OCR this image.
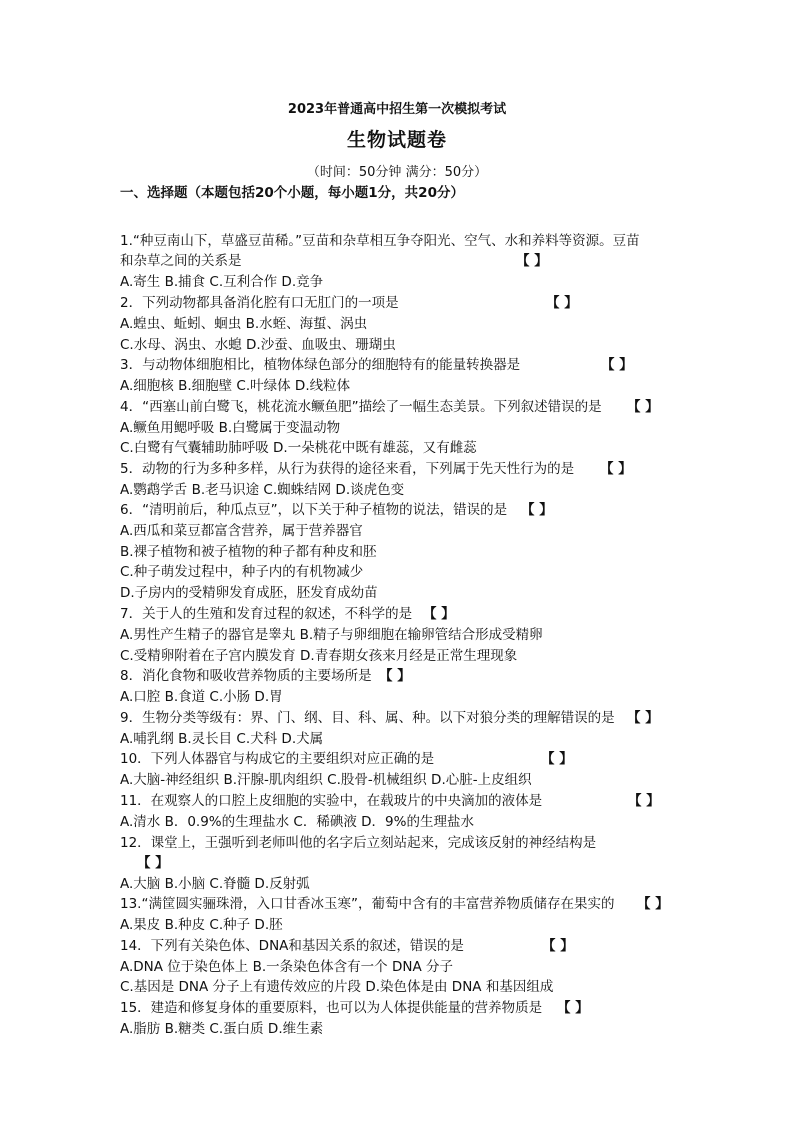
2023年普通高中招生第一次模拟考试
生物试题卷
（时间：50分钟 满分：50分）
一、选择题（本题包括20个小题，每小题1分，共20分）
1.“种豆南山下，草盛豆苗稀。”豆苗和杂草相互争夺阳光、空气、水和养料等资源。豆苗
和杂草之间的关系是	【 】
A.寄生 B.捕食 C.互利合作 D.竞争
2．下列动物都具备消化腔有口无肛门的一项是	【 】
A.蝗虫、蚯蚓、蛔虫 B.水蛭、海蜇、涡虫
C.水母、涡虫、水螅 D.沙蚕、血吸虫、珊瑚虫
3．与动物体细胞相比，植物体绿色部分的细胞特有的能量转换器是	【 】
A.细胞核 B.细胞壁 C.叶绿体 D.线粒体
4．“西塞山前白鹭飞，桃花流水鳜鱼肥”描绘了一幅生态美景。下列叙述错误的是 【 】
A.鳜鱼用鳃呼吸 B.白鹭属于变温动物
C.白鹭有气囊辅助肺呼吸 D.一朵桃花中既有雄蕊，又有雌蕊
5．动物的行为多种多样，从行为获得的途径来看，下列属于先天性行为的是 【 】
A.鹦鹉学舌 B.老马识途 C.蜘蛛结网 D.谈虎色变
6．“清明前后，种瓜点豆”，以下关于种子植物的说法，错误的是 【 】
A.西瓜和菜豆都富含营养，属于营养器官
B.裸子植物和被子植物的种子都有种皮和胚
C.种子萌发过程中，种子内的有机物减少
D.子房内的受精卵发育成胚，胚发育成幼苗
7．关于人的生殖和发育过程的叙述，不科学的是 【 】
A.男性产生精子的器官是睾丸 B.精子与卵细胞在输卵管结合形成受精卵
C.受精卵附着在子宫内膜发育 D.青春期女孩来月经是正常生理现象
8．消化食物和吸收营养物质的主要场所是 【 】
A.口腔 B.食道 C.小肠 D.胃
9．生物分类等级有：界、门、纲、目、科、属、种。以下对狼分类的理解错误的是 【 】
A.哺乳纲 B.灵长目 C.犬科 D.犬属
10．下列人体器官与构成它的主要组织对应正确的是	【 】
A.大脑-神经组织 B.汗腺-肌肉组织 C.股骨-机械组织 D.心脏-上皮组织
11．在观察人的口腔上皮细胞的实验中，在载玻片的中央滴加的液体是	【 】
A.清水 B．0.9%的生理盐水 C．稀碘液 D．9%的生理盐水
12．课堂上，王强听到老师叫他的名字后立刻站起来，完成该反射的神经结构是
【 】
A.大脑 B.小脑 C.脊髓 D.反射弧
13.“满筐圆实骊珠滑，入口甘香冰玉寒”，葡萄中含有的丰富营养物质储存在果实的 【 】
A.果皮 B.种皮 C.种子 D.胚
14．下列有关染色体、DNA和基因关系的叙述，错误的是	【 】
A.DNA 位于染色体上 B.一条染色体含有一个 DNA 分子
C.基因是 DNA 分子上有遗传效应的片段 D.染色体是由 DNA 和基因组成
15．建造和修复身体的重要原料，也可以为人体提供能量的营养物质是 【 】
A.脂肪 B.糖类 C.蛋白质 D.维生素
